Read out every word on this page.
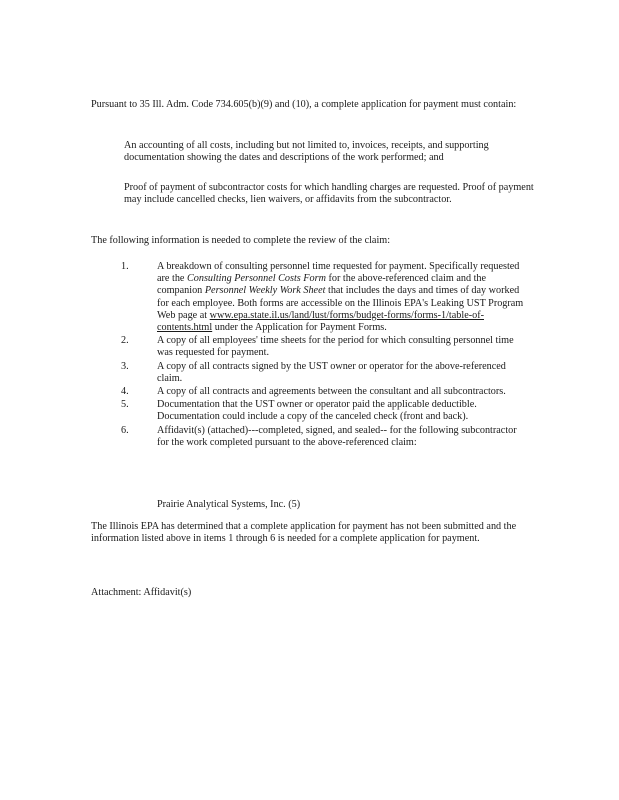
Pursuant to 35 Ill. Adm. Code 734.605(b)(9) and (10), a complete application for payment must contain:

An accounting of all costs, including but not limited to, invoices, receipts, and supporting documentation showing the dates and descriptions of the work performed; and

Proof of payment of subcontractor costs for which handling charges are requested. Proof of payment may include cancelled checks, lien waivers, or affidavits from the subcontractor.

The following information is needed to complete the review of the claim:

1.	A breakdown of consulting personnel time requested for payment. Specifically requested are the Consulting Personnel Costs Form for the above-referenced claim and the companion Personnel Weekly Work Sheet that includes the days and times of day worked for each employee. Both forms are accessible on the Illinois EPA's Leaking UST Program Web page at www.epa.state.il.us/land/lust/forms/budget-forms/forms-1/table-of-contents.html under the Application for Payment Forms.
2.	A copy of all employees' time sheets for the period for which consulting personnel time was requested for payment.
3.	A copy of all contracts signed by the UST owner or operator for the above-referenced claim.
4.	A copy of all contracts and agreements between the consultant and all subcontractors.
5.	Documentation that the UST owner or operator paid the applicable deductible. Documentation could include a copy of the canceled check (front and back).
6.	Affidavit(s) (attached)---completed, signed, and sealed-- for the following subcontractor for the work completed pursuant to the above-referenced claim:

Prairie Analytical Systems, Inc. (5)

The Illinois EPA has determined that a complete application for payment has not been submitted and the information listed above in items 1 through 6 is needed for a complete application for payment.

Attachment: Affidavit(s)
